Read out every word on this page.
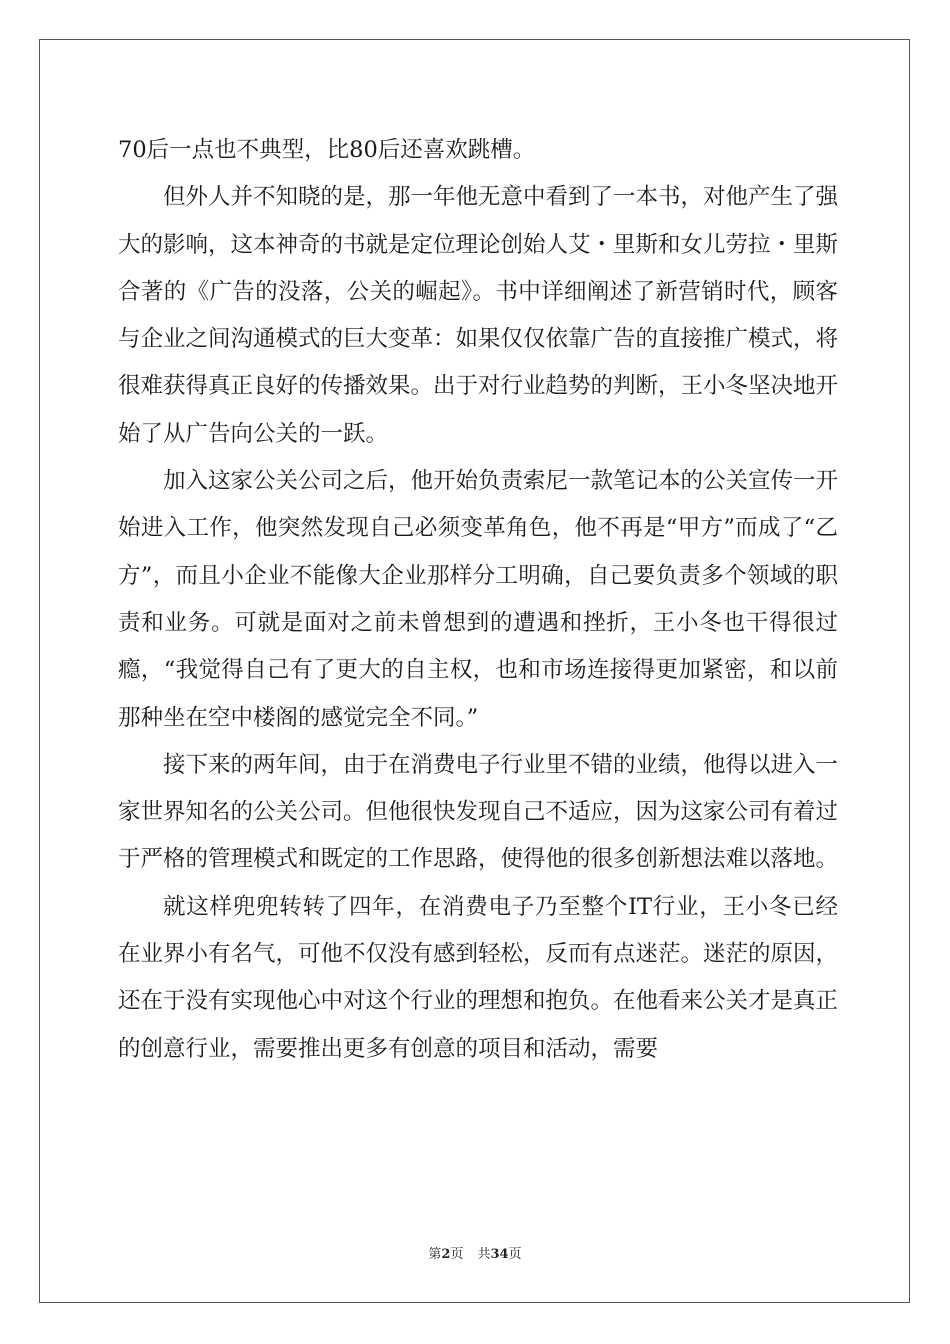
70后一点也不典型，比80后还喜欢跳槽。

但外人并不知晓的是，那一年他无意中看到了一本书，对他产生了强大的影响，这本神奇的书就是定位理论创始人艾・里斯和女儿劳拉・里斯合著的《广告的没落，公关的崛起》。书中详细阐述了新营销时代，顾客与企业之间沟通模式的巨大变革：如果仅仅依靠广告的直接推广模式，将很难获得真正良好的传播效果。出于对行业趋势的判断，王小冬坚决地开始了从广告向公关的一跃。

加入这家公关公司之后，他开始负责索尼一款笔记本的公关宣传一开始进入工作，他突然发现自己必须变革角色，他不再是“甲方”而成了“乙方”，而且小企业不能像大企业那样分工明确，自己要负责多个领域的职责和业务。可就是面对之前未曾想到的遭遇和挫折，王小冬也干得很过瘾，“我觉得自己有了更大的自主权，也和市场连接得更加紧密，和以前那种坐在空中楼阁的感觉完全不同。”

接下来的两年间，由于在消费电子行业里不错的业绩，他得以进入一家世界知名的公关公司。但他很快发现自己不适应，因为这家公司有着过于严格的管理模式和既定的工作思路，使得他的很多创新想法难以落地。

就这样兜兜转转了四年，在消费电子乃至整个IT行业，王小冬已经在业界小有名气，可他不仅没有感到轻松，反而有点迷茫。迷茫的原因，还在于没有实现他心中对这个行业的理想和抱负。在他看来公关才是真正的创意行业，需要推出更多有创意的项目和活动，需要

第2页 共34页
